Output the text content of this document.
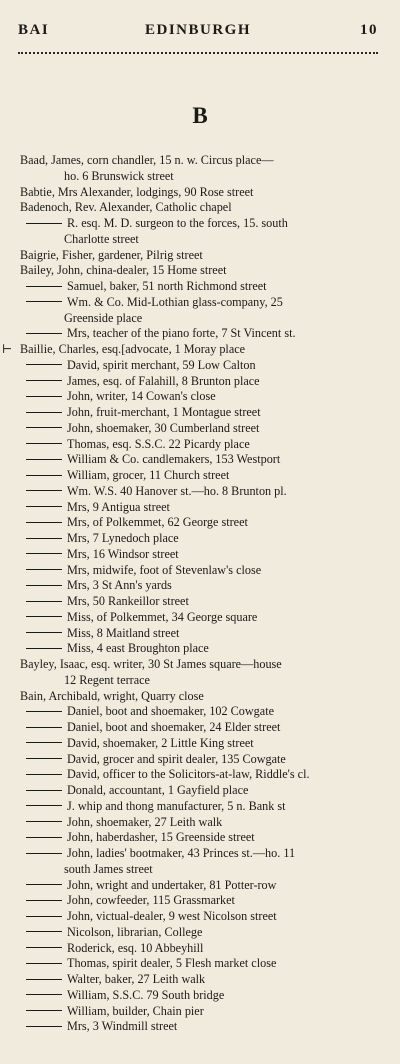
BAI	EDINBURGH	10
B
Baad, James, corn chandler, 15 n. w. Circus place—
ho. 6 Brunswick street
Babtie, Mrs Alexander, lodgings, 90 Rose street
Badenoch, Rev. Alexander, Catholic chapel
R. esq. M. D. surgeon to the forces, 15. south
Charlotte street
Baigrie, Fisher, gardener, Pilrig street
Bailey, John, china-dealer, 15 Home street
Samuel, baker, 51 north Richmond street
Wm. & Co. Mid-Lothian glass-company, 25
Greenside place
Mrs, teacher of the piano forte, 7 St Vincent st.
⊢ Baillie, Charles, esq.[advocate, 1 Moray place
David, spirit merchant, 59 Low Calton
James, esq. of Falahill, 8 Brunton place
John, writer, 14 Cowan's close
John, fruit-merchant, 1 Montague street
John, shoemaker, 30 Cumberland street
Thomas, esq. S.S.C. 22 Picardy place
William & Co. candlemakers, 153 Westport
William, grocer, 11 Church street
Wm. W.S. 40 Hanover st.—ho. 8 Brunton pl.
Mrs, 9 Antigua street
Mrs, of Polkemmet, 62 George street
Mrs, 7 Lynedoch place
Mrs, 16 Windsor street
Mrs, midwife, foot of Stevenlaw's close
Mrs, 3 St Ann's yards
Mrs, 50 Rankeillor street
Miss, of Polkemmet, 34 George square
Miss, 8 Maitland street
Miss, 4 east Broughton place
Bayley, Isaac, esq. writer, 30 St James square—house
12 Regent terrace
Bain, Archibald, wright, Quarry close
Daniel, boot and shoemaker, 102 Cowgate
Daniel, boot and shoemaker, 24 Elder street
David, shoemaker, 2 Little King street
David, grocer and spirit dealer, 135 Cowgate
David, officer to the Solicitors-at-law, Riddle's cl.
Donald, accountant, 1 Gayfield place
J. whip and thong manufacturer, 5 n. Bank st
John, shoemaker, 27 Leith walk
John, haberdasher, 15 Greenside street
John, ladies' bootmaker, 43 Princes st.—ho. 11
south James street
John, wright and undertaker, 81 Potter-row
John, cowfeeder, 115 Grassmarket
John, victual-dealer, 9 west Nicolson street
Nicolson, librarian, College
Roderick, esq. 10 Abbeyhill
Thomas, spirit dealer, 5 Flesh market close
Walter, baker, 27 Leith walk
William, S.S.C. 79 South bridge
William, builder, Chain pier
Mrs, 3 Windmill street
